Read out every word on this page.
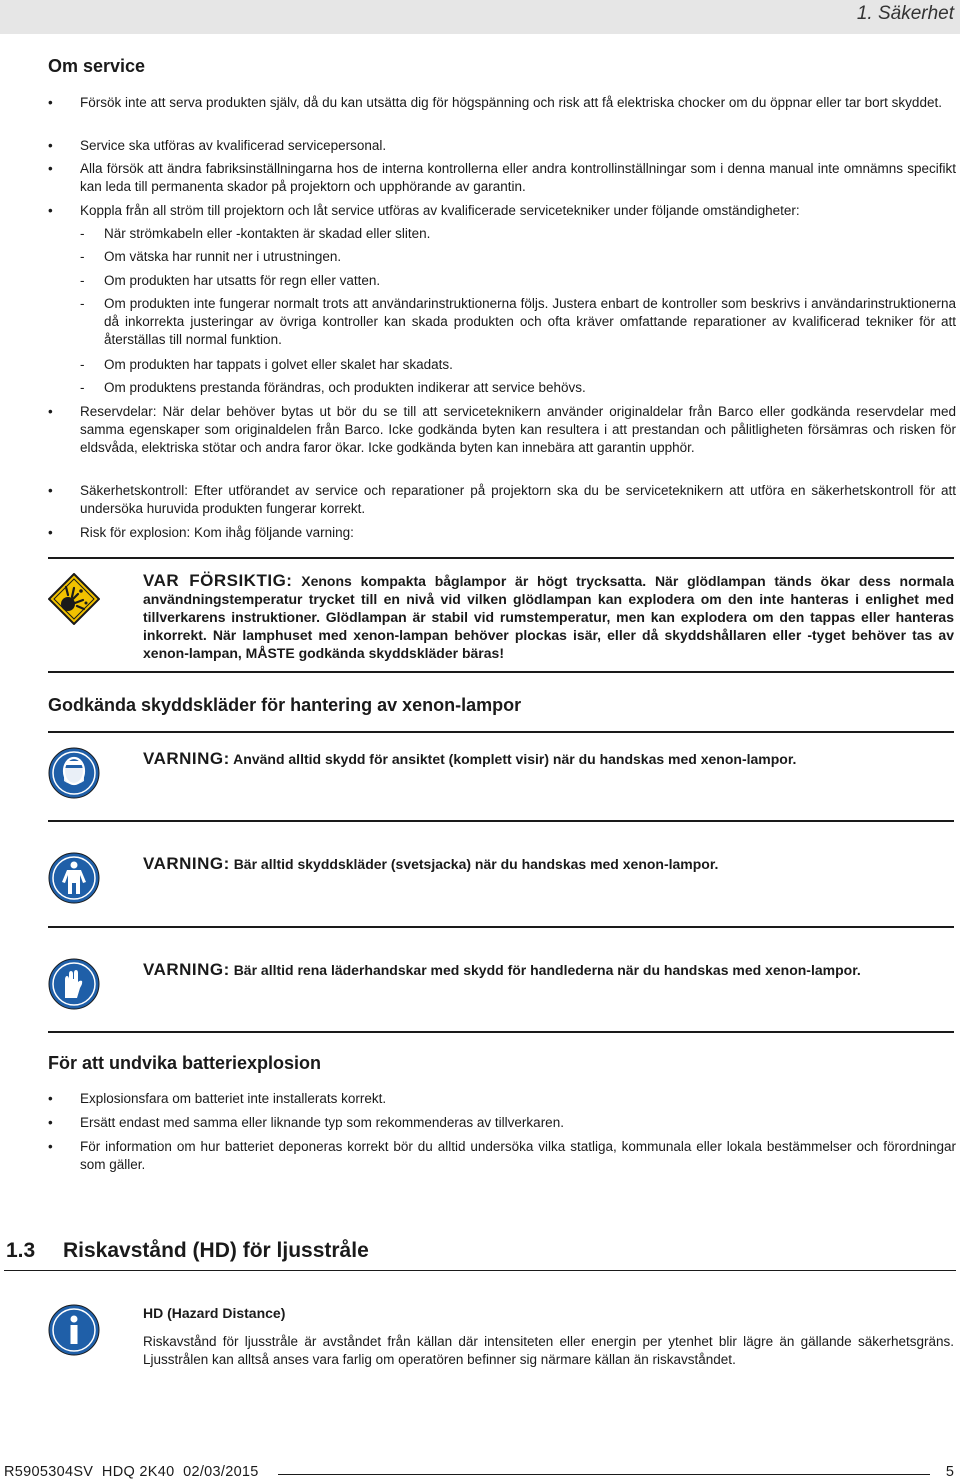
1. Säkerhet
Om service
•	Försök inte att serva produkten själv, då du kan utsätta dig för högspänning och risk att få elektriska chocker om du öppnar eller tar bort skyddet.
•	Service ska utföras av kvalificerad servicepersonal.
•	Alla försök att ändra fabriksinställningarna hos de interna kontrollerna eller andra kontrollinställningar som i denna manual inte omnämns specifikt kan leda till permanenta skador på projektorn och upphörande av garantin.
•	Koppla från all ström till projektorn och låt service utföras av kvalificerade servicetekniker under följande omständigheter:
-	När strömkabeln eller -kontakten är skadad eller sliten.
-	Om vätska har runnit ner i utrustningen.
-	Om produkten har utsatts för regn eller vatten.
-	Om produkten inte fungerar normalt trots att användarinstruktionerna följs. Justera enbart de kontroller som beskrivs i användarinstruktionerna då inkorrekta justeringar av övriga kontroller kan skada produkten och ofta kräver omfattande reparationer av kvalificerad tekniker för att återställas till normal funktion.
-	Om produkten har tappats i golvet eller skalet har skadats.
-	Om produktens prestanda förändras, och produkten indikerar att service behövs.
•	Reservdelar: När delar behöver bytas ut bör du se till att serviceteknikern använder originaldelar från Barco eller godkända reservdelar med samma egenskaper som originaldelen från Barco. Icke godkända byten kan resultera i att prestandan och pålitligheten försämras och risken för eldsvåda, elektriska stötar och andra faror ökar. Icke godkända byten kan innebära att garantin upphör.
•	Säkerhetskontroll: Efter utförandet av service och reparationer på projektorn ska du be serviceteknikern att utföra en säkerhetskontroll för att undersöka huruvida produkten fungerar korrekt.
•	Risk för explosion: Kom ihåg följande varning:
VAR FÖRSIKTIG: Xenons kompakta båglampor är högt trycksatta. När glödlampan tänds ökar dess normala användningstemperatur trycket till en nivå vid vilken glödlampan kan explodera om den inte hanteras i enlighet med tillverkarens instruktioner. Glödlampan är stabil vid rumstemperatur, men kan explodera om den tappas eller hanteras inkorrekt. När lamphuset med xenon-lampan behöver plockas isär, eller då skyddshållaren eller -tyget behöver tas av xenon-lampan, MÅSTE godkända skyddskläder bäras!
Godkända skyddskläder för hantering av xenon-lampor
VARNING: Använd alltid skydd för ansiktet (komplett visir) när du handskas med xenon-lampor.
VARNING: Bär alltid skyddskläder (svetsjacka) när du handskas med xenon-lampor.
VARNING: Bär alltid rena läderhandskar med skydd för handlederna när du handskas med xenon-lampor.
För att undvika batteriexplosion
•	Explosionsfara om batteriet inte installerats korrekt.
•	Ersätt endast med samma eller liknande typ som rekommenderas av tillverkaren.
•	För information om hur batteriet deponeras korrekt bör du alltid undersöka vilka statliga, kommunala eller lokala bestämmelser och förordningar som gäller.
1.3 Riskavstånd (HD) för ljusstråle
HD (Hazard Distance)
Riskavstånd för ljusstråle är avståndet från källan där intensiteten eller energin per ytenhet blir lägre än gällande säkerhetsgräns. Ljusstrålen kan alltså anses vara farlig om operatören befinner sig närmare källan än riskavståndet.
R5905304SV  HDQ 2K40  02/03/2015	5
